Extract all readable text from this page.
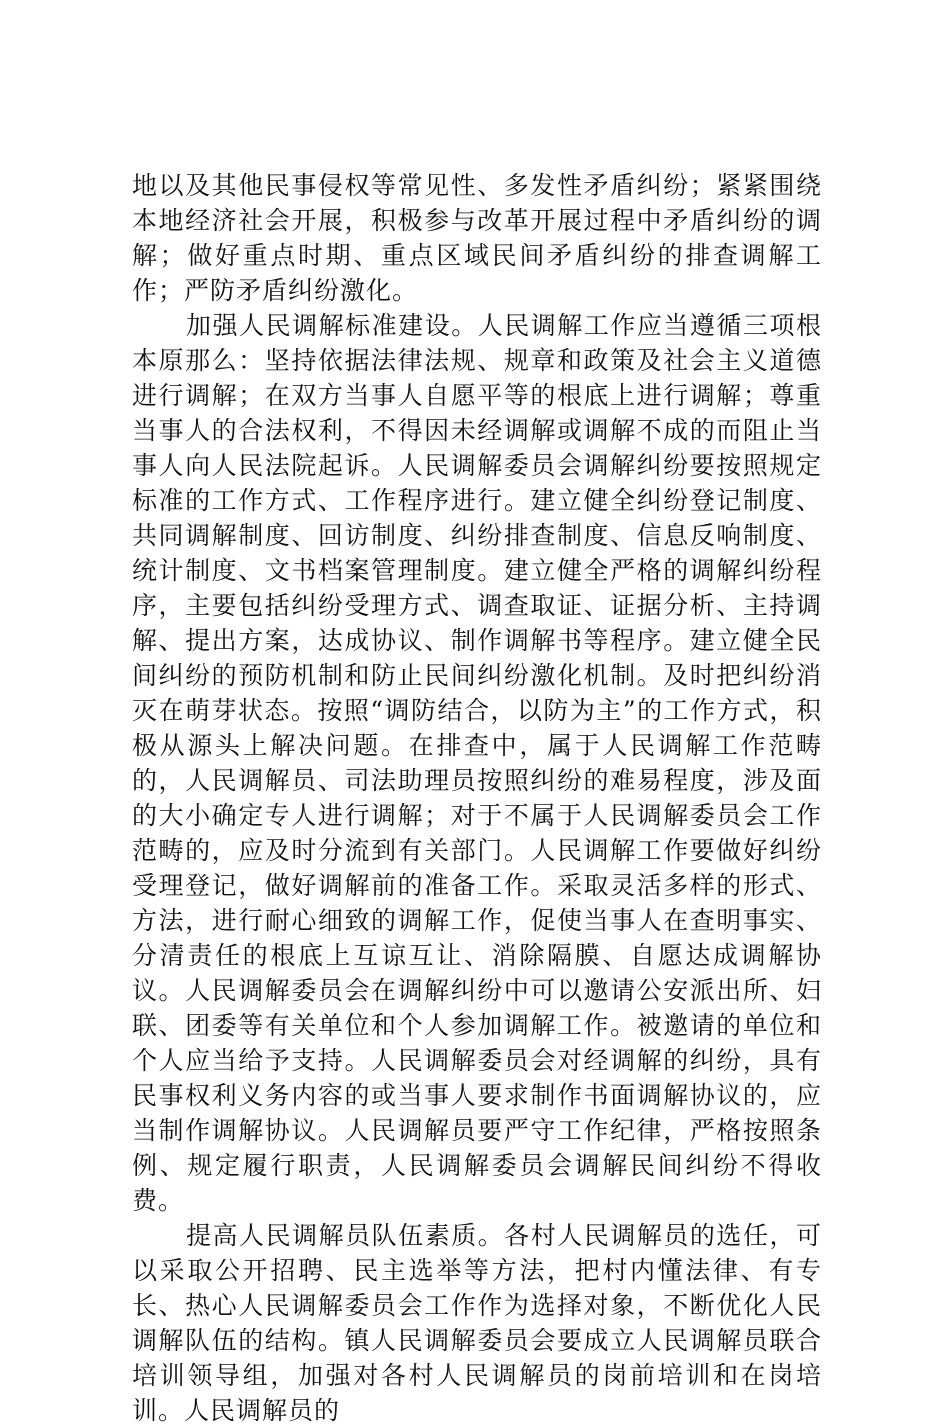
地以及其他民事侵权等常见性、多发性矛盾纠纷；紧紧围绕本地经济社会开展，积极参与改革开展过程中矛盾纠纷的调解；做好重点时期、重点区域民间矛盾纠纷的排查调解工作；严防矛盾纠纷激化。

加强人民调解标准建设。人民调解工作应当遵循三项根本原那么：坚持依据法律法规、规章和政策及社会主义道德进行调解；在双方当事人自愿平等的根底上进行调解；尊重当事人的合法权利，不得因未经调解或调解不成的而阻止当事人向人民法院起诉。人民调解委员会调解纠纷要按照规定标准的工作方式、工作程序进行。建立健全纠纷登记制度、共同调解制度、回访制度、纠纷排查制度、信息反响制度、统计制度、文书档案管理制度。建立健全严格的调解纠纷程序，主要包括纠纷受理方式、调查取证、证据分析、主持调解、提出方案，达成协议、制作调解书等程序。建立健全民间纠纷的预防机制和防止民间纠纷激化机制。及时把纠纷消灭在萌芽状态。按照“调防结合，以防为主”的工作方式，积极从源头上解决问题。在排查中，属于人民调解工作范畴的，人民调解员、司法助理员按照纠纷的难易程度，涉及面的大小确定专人进行调解；对于不属于人民调解委员会工作范畴的，应及时分流到有关部门。人民调解工作要做好纠纷受理登记，做好调解前的准备工作。采取灵活多样的形式、方法，进行耐心细致的调解工作，促使当事人在查明事实、分清责任的根底上互谅互让、消除隔膜、自愿达成调解协议。人民调解委员会在调解纠纷中可以邀请公安派出所、妇联、团委等有关单位和个人参加调解工作。被邀请的单位和个人应当给予支持。人民调解委员会对经调解的纠纷，具有民事权利义务内容的或当事人要求制作书面调解协议的，应当制作调解协议。人民调解员要严守工作纪律，严格按照条例、规定履行职责，人民调解委员会调解民间纠纷不得收费。

提高人民调解员队伍素质。各村人民调解员的选任，可以采取公开招聘、民主选举等方法，把村内懂法律、有专长、热心人民调解委员会工作作为选择对象，不断优化人民调解队伍的结构。镇人民调解委员会要成立人民调解员联合培训领导组，加强对各村人民调解员的岗前培训和在岗培训。人民调解员的
